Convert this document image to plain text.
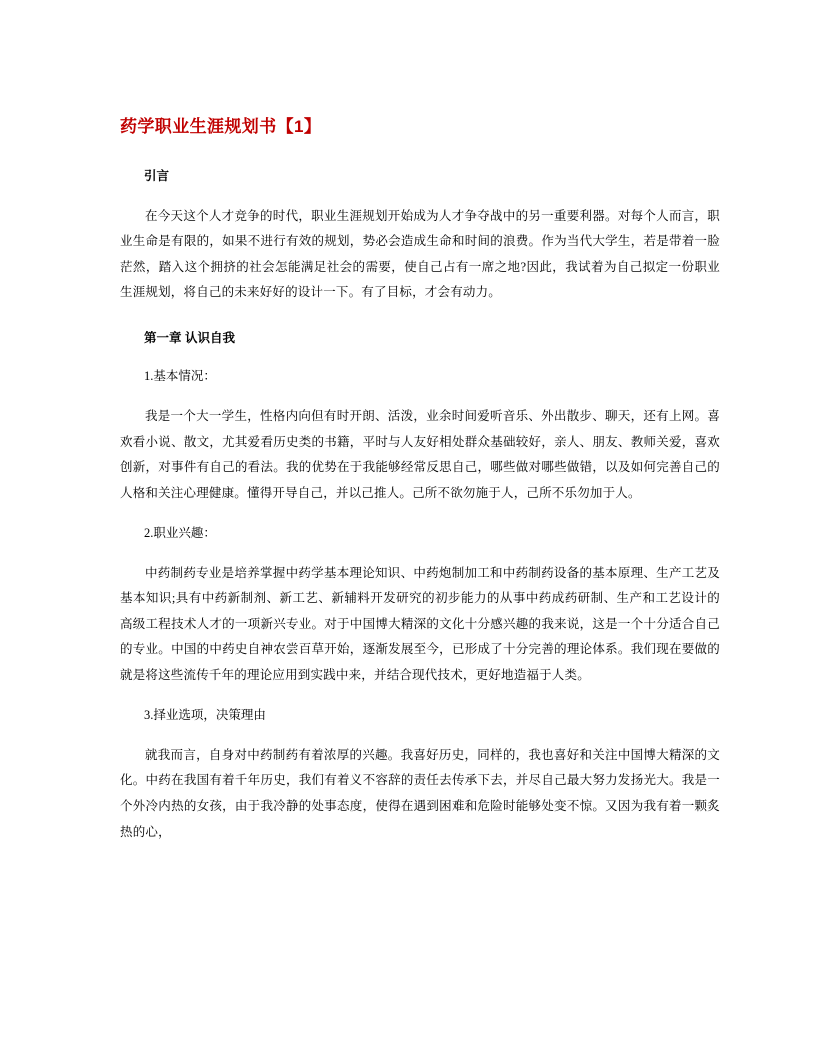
药学职业生涯规划书【1】
引言

在今天这个人才竞争的时代，职业生涯规划开始成为人才争夺战中的另一重要利器。对每个人而言，职业生命是有限的，如果不进行有效的规划，势必会造成生命和时间的浪费。作为当代大学生，若是带着一脸茫然，踏入这个拥挤的社会怎能满足社会的需要，使自己占有一席之地?因此，我试着为自己拟定一份职业生涯规划，将自己的未来好好的设计一下。有了目标，才会有动力。

第一章 认识自我
1.基本情况：

我是一个大一学生，性格内向但有时开朗、活泼，业余时间爱听音乐、外出散步、聊天，还有上网。喜欢看小说、散文，尤其爱看历史类的书籍，平时与人友好相处群众基础较好，亲人、朋友、教师关爱，喜欢创新，对事件有自己的看法。我的优势在于我能够经常反思自己，哪些做对哪些做错，以及如何完善自己的人格和关注心理健康。懂得开导自己，并以己推人。己所不欲勿施于人，己所不乐勿加于人。

2.职业兴趣：

中药制药专业是培养掌握中药学基本理论知识、中药炮制加工和中药制药设备的基本原理、生产工艺及基本知识;具有中药新制剂、新工艺、新辅料开发研究的初步能力的从事中药成药研制、生产和工艺设计的高级工程技术人才的一项新兴专业。对于中国博大精深的文化十分感兴趣的我来说，这是一个十分适合自己的专业。中国的中药史自神农尝百草开始，逐渐发展至今，已形成了十分完善的理论体系。我们现在要做的就是将这些流传千年的理论应用到实践中来，并结合现代技术，更好地造福于人类。

3.择业选项，决策理由

就我而言，自身对中药制药有着浓厚的兴趣。我喜好历史，同样的，我也喜好和关注中国博大精深的文化。中药在我国有着千年历史，我们有着义不容辞的责任去传承下去，并尽自己最大努力发扬光大。我是一个外冷内热的女孩，由于我冷静的处事态度，使得在遇到困难和危险时能够处变不惊。又因为我有着一颗炙热的心，
